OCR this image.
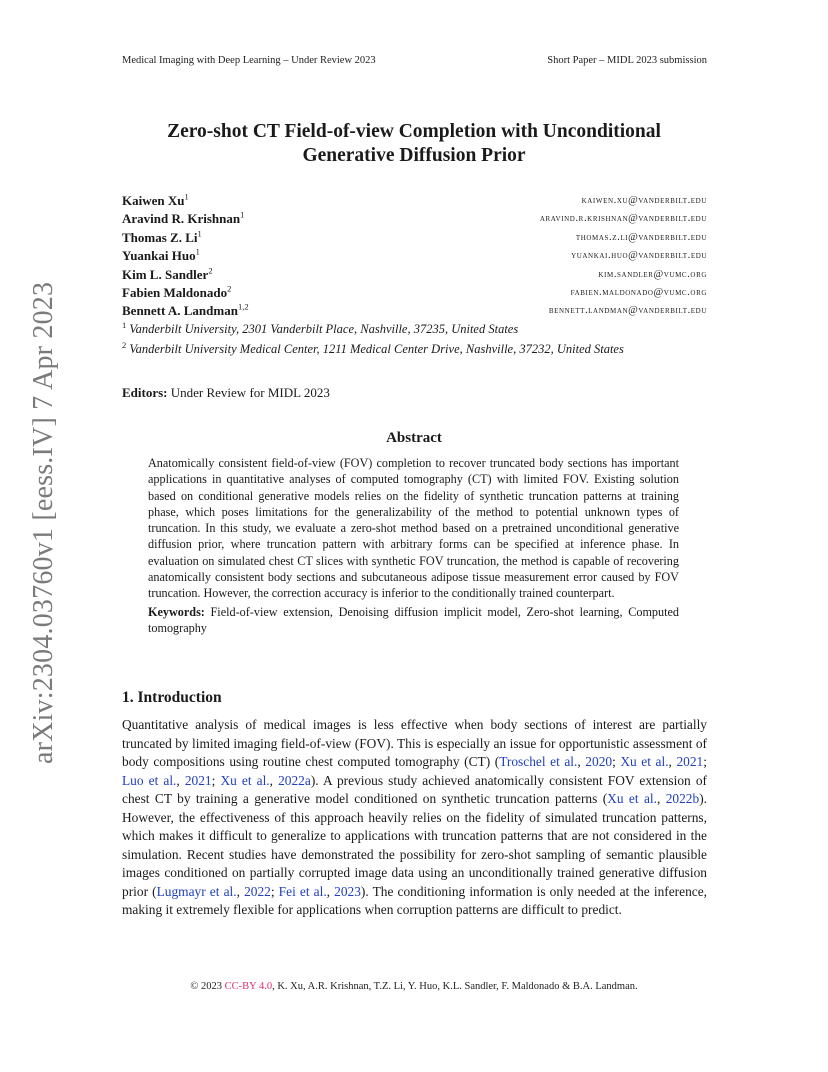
Medical Imaging with Deep Learning – Under Review 2023	Short Paper – MIDL 2023 submission
arXiv:2304.03760v1 [eess.IV] 7 Apr 2023
Zero-shot CT Field-of-view Completion with Unconditional
Generative Diffusion Prior
Kaiwen Xu$^1$	kaiwen.xu@vanderbilt.edu
Aravind R. Krishnan$^1$	aravind.r.krishnan@vanderbilt.edu
Thomas Z. Li$^1$	thomas.z.li@vanderbilt.edu
Yuankai Huo$^1$	yuankai.huo@vanderbilt.edu
Kim L. Sandler$^2$	kim.sandler@vumc.org
Fabien Maldonado$^2$	fabien.maldonado@vumc.org
Bennett A. Landman$^{1,2}$	bennett.landman@vanderbilt.edu
$^1$ Vanderbilt University, 2301 Vanderbilt Place, Nashville, 37235, United States
$^2$ Vanderbilt University Medical Center, 1211 Medical Center Drive, Nashville, 37232, United States
Editors: Under Review for MIDL 2023
Abstract

Anatomically consistent field-of-view (FOV) completion to recover truncated body sections has important applications in quantitative analyses of computed tomography (CT) with limited FOV. Existing solution based on conditional generative models relies on the fidelity of synthetic truncation patterns at training phase, which poses limitations for the generalizability of the method to potential unknown types of truncation. In this study, we evaluate a zero-shot method based on a pretrained unconditional generative diffusion prior, where truncation pattern with arbitrary forms can be specified at inference phase. In evaluation on simulated chest CT slices with synthetic FOV truncation, the method is capable of recovering anatomically consistent body sections and subcutaneous adipose tissue measurement error caused by FOV truncation. However, the correction accuracy is inferior to the conditionally trained counterpart.

Keywords: Field-of-view extension, Denoising diffusion implicit model, Zero-shot learning, Computed tomography

1. Introduction

Quantitative analysis of medical images is less effective when body sections of interest are partially truncated by limited imaging field-of-view (FOV). This is especially an issue for opportunistic assessment of body compositions using routine chest computed tomography (CT) (Troschel et al., 2020; Xu et al., 2021; Luo et al., 2021; Xu et al., 2022a). A previous study achieved anatomically consistent FOV extension of chest CT by training a generative model conditioned on synthetic truncation patterns (Xu et al., 2022b). However, the effectiveness of this approach heavily relies on the fidelity of simulated truncation patterns, which makes it difficult to generalize to applications with truncation patterns that are not considered in the simulation. Recent studies have demonstrated the possibility for zero-shot sampling of semantic plausible images conditioned on partially corrupted image data using an unconditionally trained generative diffusion prior (Lugmayr et al., 2022; Fei et al., 2023). The conditioning information is only needed at the inference, making it extremely flexible for applications when corruption patterns are difficult to predict.

© 2023 CC-BY 4.0, K. Xu, A.R. Krishnan, T.Z. Li, Y. Huo, K.L. Sandler, F. Maldonado & B.A. Landman.
